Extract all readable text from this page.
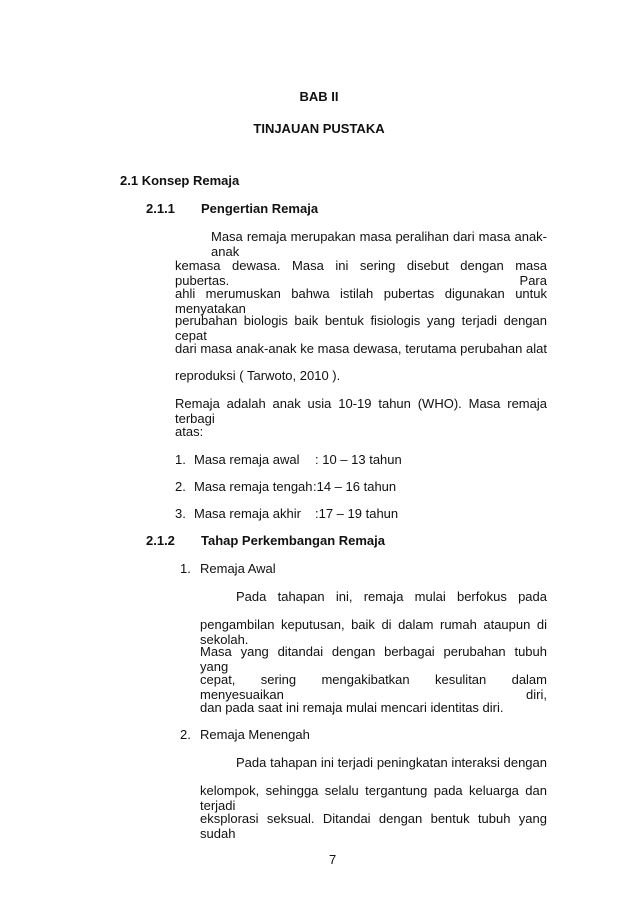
BAB II
TINJAUAN PUSTAKA
2.1 Konsep Remaja
2.1.1 Pengertian Remaja
Masa remaja merupakan masa peralihan dari masa anak-anak
kemasa dewasa. Masa ini sering disebut dengan masa pubertas. Para
ahli merumuskan bahwa istilah pubertas digunakan untuk menyatakan
perubahan biologis baik bentuk fisiologis yang terjadi dengan cepat
dari masa anak-anak ke masa dewasa, terutama perubahan alat
reproduksi ( Tarwoto, 2010 ).
Remaja adalah anak usia 10-19 tahun (WHO). Masa remaja terbagi
atas:
1. Masa remaja awal : 10 – 13 tahun
2. Masa remaja tengah :14 – 16 tahun
3. Masa remaja akhir :17 – 19 tahun
2.1.2 Tahap Perkembangan Remaja
1. Remaja Awal
Pada tahapan ini, remaja mulai berfokus pada
pengambilan keputusan, baik di dalam rumah ataupun di sekolah.
Masa yang ditandai dengan berbagai perubahan tubuh yang
cepat, sering mengakibatkan kesulitan dalam menyesuaikan diri,
dan pada saat ini remaja mulai mencari identitas diri.
2. Remaja Menengah
Pada tahapan ini terjadi peningkatan interaksi dengan
kelompok, sehingga selalu tergantung pada keluarga dan terjadi
eksplorasi seksual. Ditandai dengan bentuk tubuh yang sudah
7
